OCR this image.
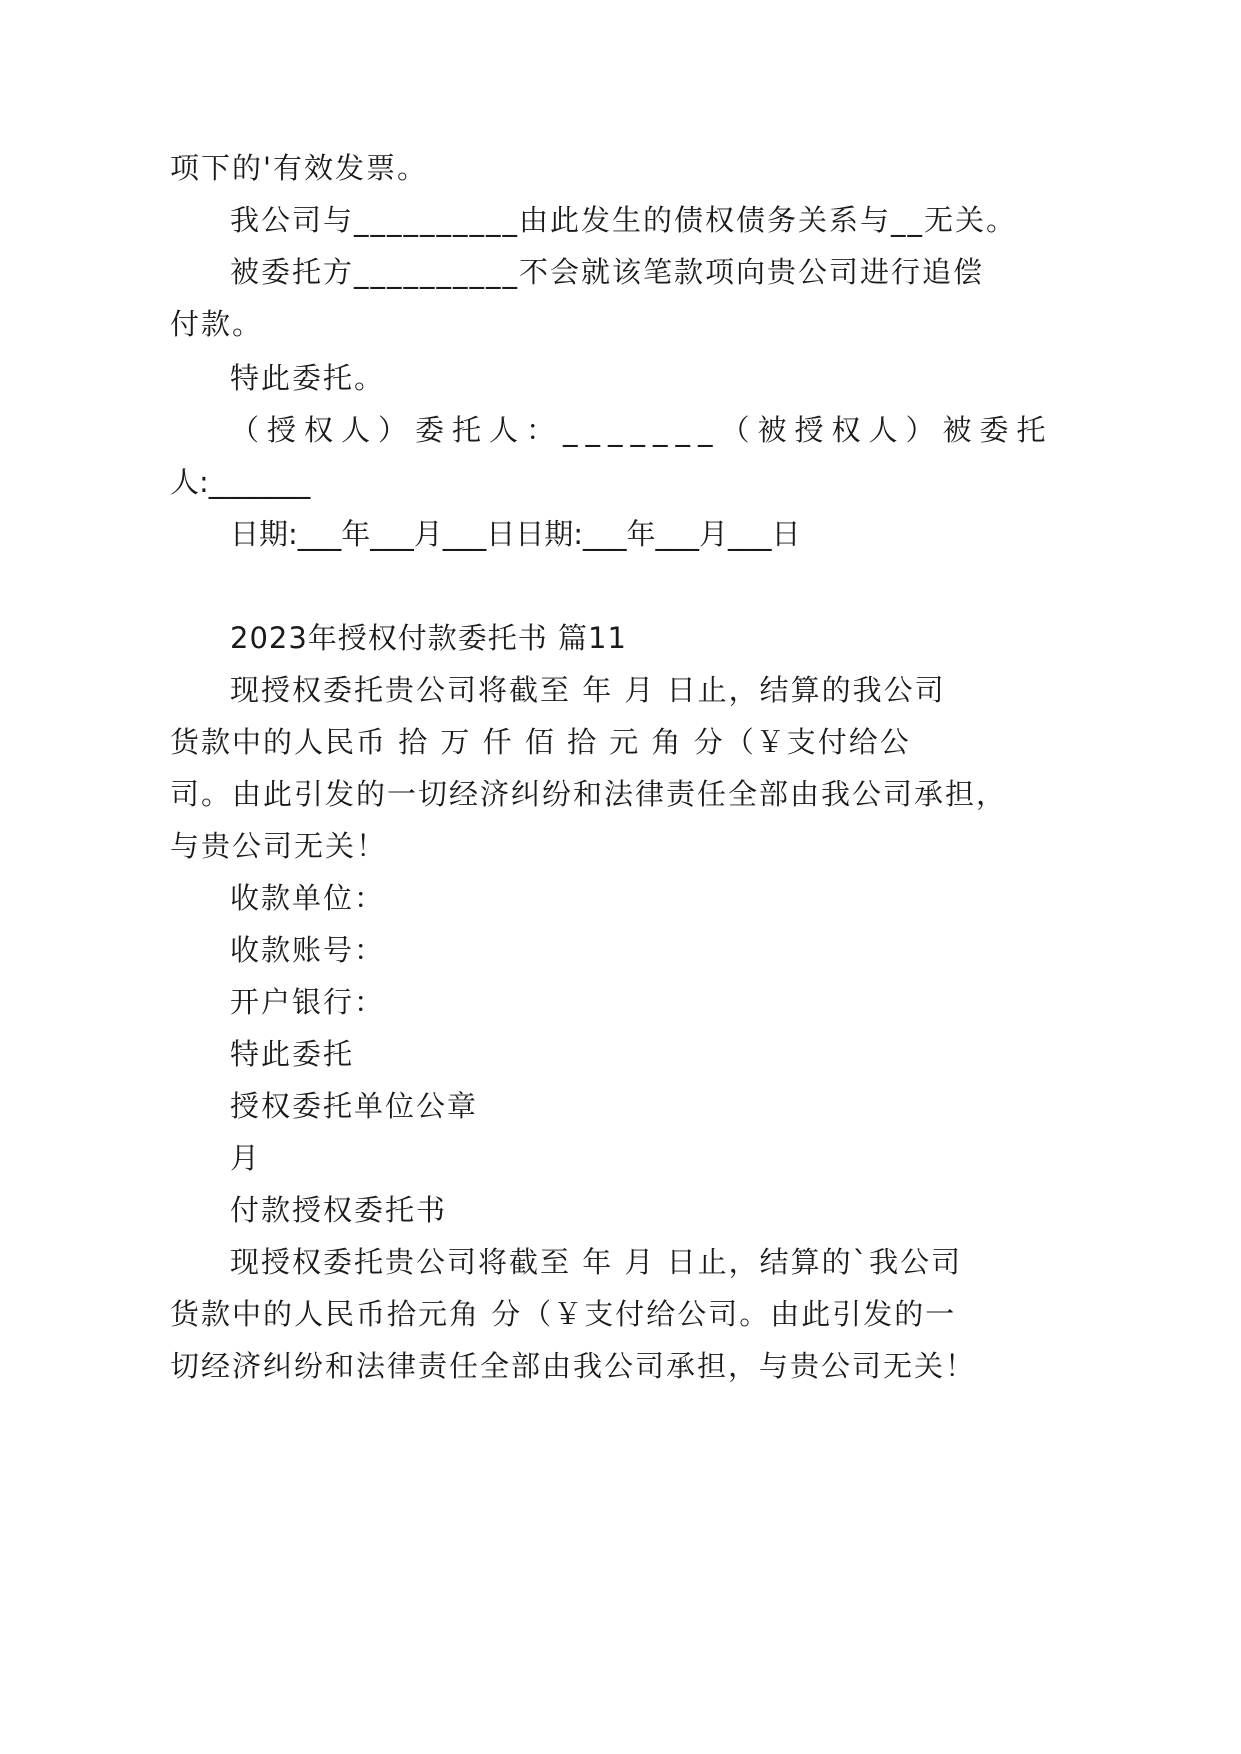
项下的'有效发票。
我公司与__________由此发生的债权债务关系与__无关。
被委托方__________不会就该笔款项向贵公司进行追偿
付款。
特此委托。
（授权人）委托人：_______（被授权人）被委托
人:_______
日期:___年___月___日日期:___年___月___日
2023年授权付款委托书 篇11
现授权委托贵公司将截至 年 月 日止，结算的我公司
货款中的人民币 拾 万 仟 佰 拾 元 角 分（￥支付给公
司。由此引发的一切经济纠纷和法律责任全部由我公司承担，
与贵公司无关！
收款单位：
收款账号：
开户银行：
特此委托
授权委托单位公章
月
付款授权委托书
现授权委托贵公司将截至 年 月 日止，结算的`我公司
货款中的人民币拾元角 分（￥支付给公司。由此引发的一
切经济纠纷和法律责任全部由我公司承担，与贵公司无关！
